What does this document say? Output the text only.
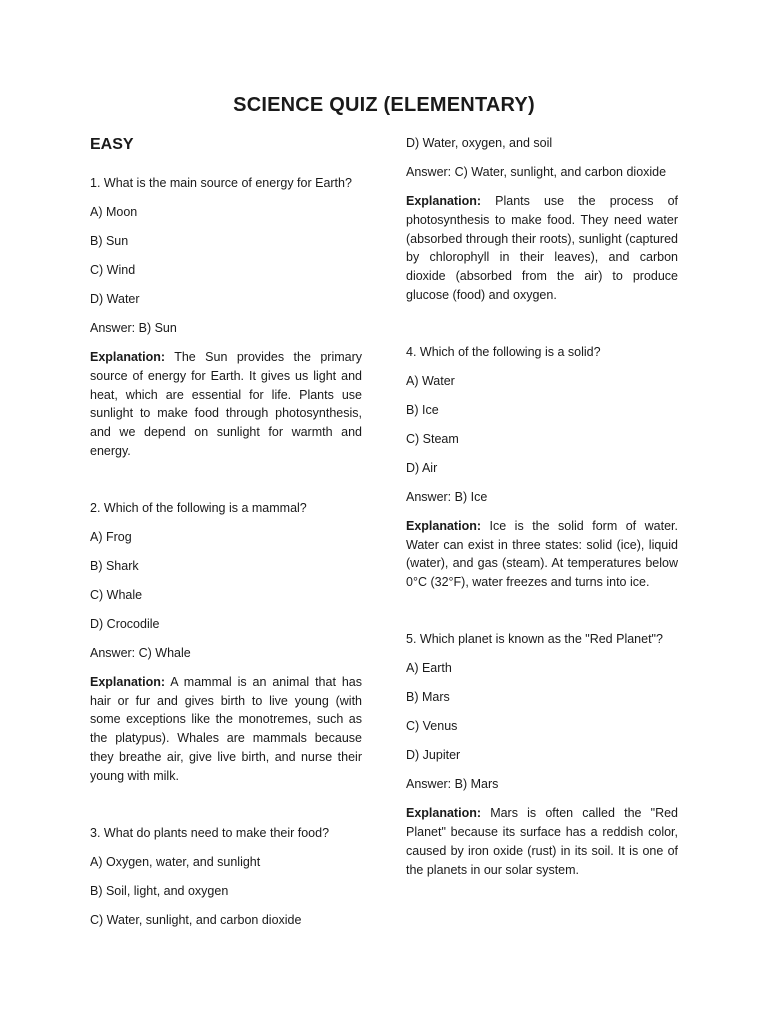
SCIENCE QUIZ (ELEMENTARY)
EASY

1. What is the main source of energy for Earth?

A) Moon

B) Sun

C) Wind

D) Water

Answer: B) Sun

Explanation: The Sun provides the primary source of energy for Earth. It gives us light and heat, which are essential for life. Plants use sunlight to make food through photosynthesis, and we depend on sunlight for warmth and energy.

2. Which of the following is a mammal?

A) Frog

B) Shark

C) Whale

D) Crocodile

Answer: C) Whale

Explanation: A mammal is an animal that has hair or fur and gives birth to live young (with some exceptions like the monotremes, such as the platypus). Whales are mammals because they breathe air, give live birth, and nurse their young with milk.

3. What do plants need to make their food?

A) Oxygen, water, and sunlight

B) Soil, light, and oxygen

C) Water, sunlight, and carbon dioxide

D) Water, oxygen, and soil

Answer: C) Water, sunlight, and carbon dioxide

Explanation: Plants use the process of photosynthesis to make food. They need water (absorbed through their roots), sunlight (captured by chlorophyll in their leaves), and carbon dioxide (absorbed from the air) to produce glucose (food) and oxygen.

4. Which of the following is a solid?

A) Water

B) Ice

C) Steam

D) Air

Answer: B) Ice

Explanation: Ice is the solid form of water. Water can exist in three states: solid (ice), liquid (water), and gas (steam). At temperatures below 0°C (32°F), water freezes and turns into ice.

5. Which planet is known as the "Red Planet"?

A) Earth

B) Mars

C) Venus

D) Jupiter

Answer: B) Mars

Explanation: Mars is often called the "Red Planet" because its surface has a reddish color, caused by iron oxide (rust) in its soil. It is one of the planets in our solar system.
